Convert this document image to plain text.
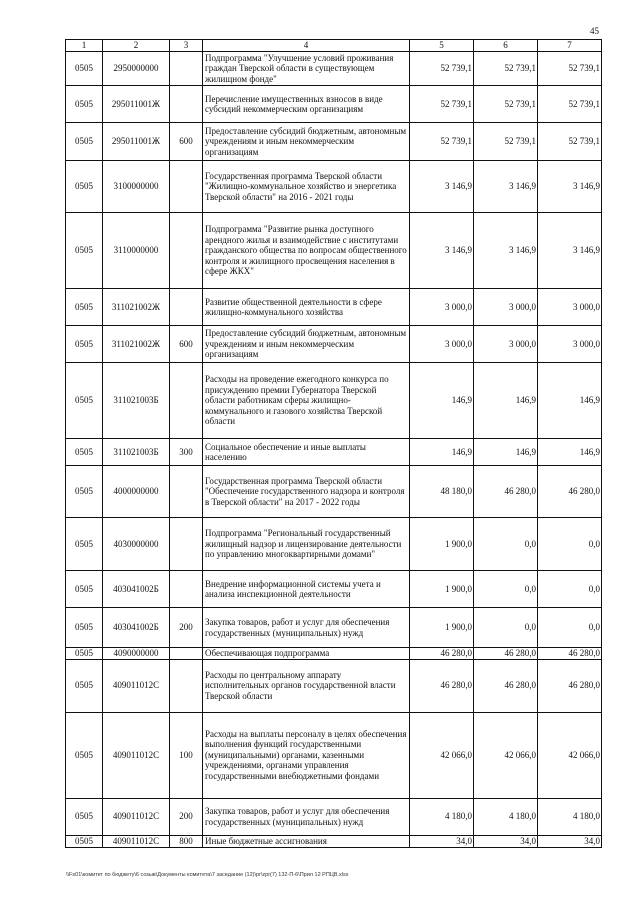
45
1	2	3	4	5	6	7
0505	2950000000		Подпрограмма "Улучшение условий проживания граждан Тверской области в существующем жилищном фонде"	52 739,1	52 739,1	52 739,1
0505	295011001Ж		Перечисление имущественных взносов в виде субсидий некоммерческим организациям	52 739,1	52 739,1	52 739,1
0505	295011001Ж	600	Предоставление субсидий бюджетным, автономным учреждениям и иным некоммерческим организациям	52 739,1	52 739,1	52 739,1
0505	3100000000		Государственная программа Тверской области "Жилищно-коммунальное хозяйство и энергетика Тверской области" на 2016 - 2021 годы	3 146,9	3 146,9	3 146,9
0505	3110000000		Подпрограмма "Развитие рынка доступного арендного жилья и взаимодействие с институтами гражданского общества по вопросам общественного контроля и жилищного просвещения населения в сфере ЖКХ"	3 146,9	3 146,9	3 146,9
0505	311021002Ж		Развитие общественной деятельности в сфере жилищно-коммунального хозяйства	3 000,0	3 000,0	3 000,0
0505	311021002Ж	600	Предоставление субсидий бюджетным, автономным учреждениям и иным некоммерческим организациям	3 000,0	3 000,0	3 000,0
0505	311021003Б		Расходы на проведение ежегодного конкурса по присуждению премии Губернатора Тверской области работникам сферы жилищно-коммунального и газового хозяйства Тверской области	146,9	146,9	146,9
0505	311021003Б	300	Социальное обеспечение и иные выплаты населению	146,9	146,9	146,9
0505	4000000000		Государственная программа Тверской области "Обеспечение государственного надзора и контроля в Тверской области" на 2017 - 2022 годы	48 180,0	46 280,0	46 280,0
0505	4030000000		Подпрограмма "Региональный государственный жилищный надзор и лицензирование деятельности по управлению многоквартирными домами"	1 900,0	0,0	0,0
0505	403041002Б		Внедрение информационной системы учета и анализа инспекционной деятельности	1 900,0	0,0	0,0
0505	403041002Б	200	Закупка товаров, работ и услуг для обеспечения государственных (муниципальных) нужд	1 900,0	0,0	0,0
0505	4090000000		Обеспечивающая подпрограмма	46 280,0	46 280,0	46 280,0
0505	409011012С		Расходы по центральному аппарату исполнительных органов государственной власти Тверской области	46 280,0	46 280,0	46 280,0
0505	409011012С	100	Расходы на выплаты персоналу в целях обеспечения выполнения функций государственными (муниципальными) органами, казенными учреждениями, органами управления государственными внебюджетными фондами	42 066,0	42 066,0	42 066,0
0505	409011012С	200	Закупка товаров, работ и услуг для обеспечения государственных (муниципальных) нужд	4 180,0	4 180,0	4 180,0
0505	409011012С	800	Иные бюджетные ассигнования	34,0	34,0	34,0
\\Fs01\комитет по бюджету\6 созыв\Документы комитета\7 заседание (12)\pr\zpr(7) 132-П-6\Прил 12 РПЦВ.xlsx
